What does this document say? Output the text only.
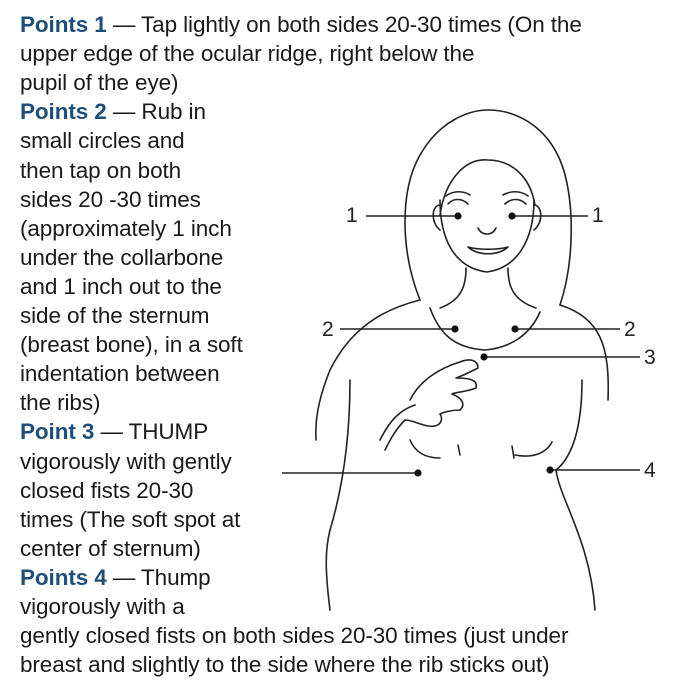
Points 1 — Tap lightly on both sides 20-30 times (On the
upper edge of the ocular ridge, right below the
pupil of the eye)
Points 2 — Rub in
small circles and
then tap on both
sides 20 -30 times
(approximately 1 inch
under the collarbone
and 1 inch out to the
side of the sternum
(breast bone), in a soft
indentation between
the ribs)
Point 3 — THUMP
vigorously with gently
closed fists 20-30
times (The soft spot at
center of sternum)
Points 4 — Thump
vigorously with a
gently closed fists on both sides 20-30 times (just under
breast and slightly to the side where the rib sticks out)
1	1
2	2
3
4
